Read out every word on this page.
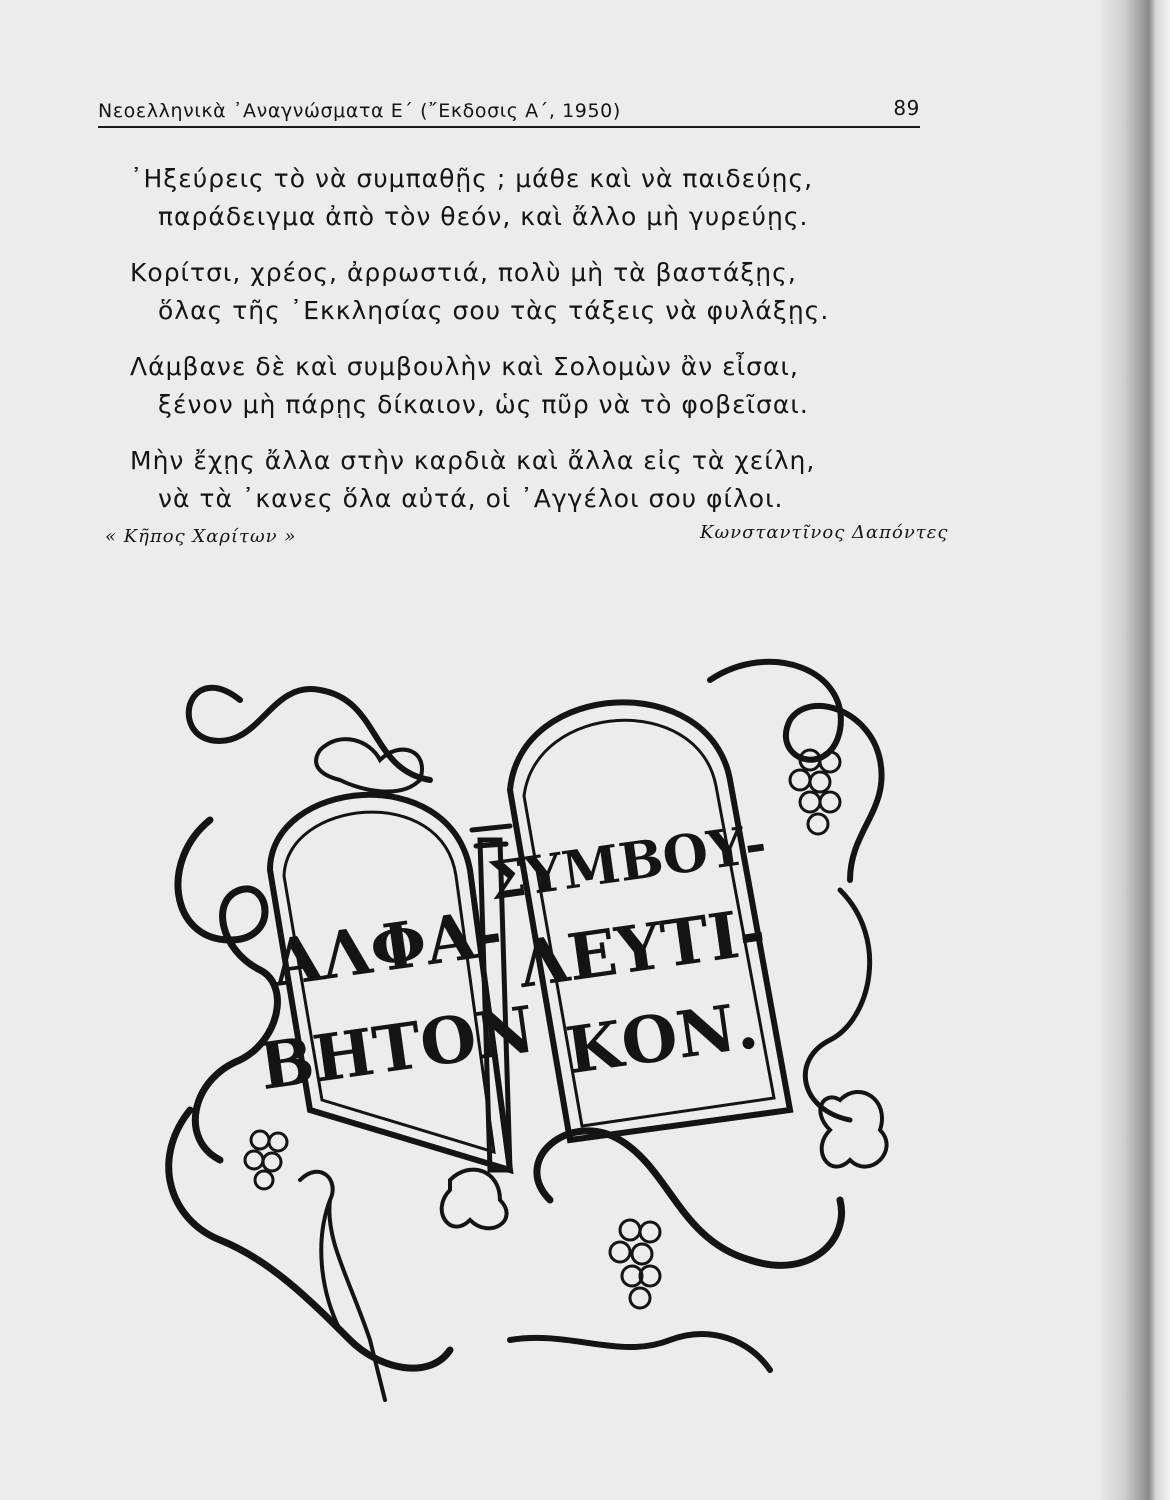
Νεοελληνικὰ ᾽Αναγνώσματα Ε΄ (῎Εκδοσις Α΄, 1950)	89
᾽Ηξεύρεις τὸ νὰ συμπαθῇς ; μάθε καὶ νὰ παιδεύῃς,
παράδειγμα ἀπὸ τὸν θεόν, καὶ ἄλλο μὴ γυρεύῃς.
Κορίτσι, χρέος, ἀρρωστιά, πολὺ μὴ τὰ βαστάξῃς,
ὅλας τῆς ᾽Εκκλησίας σου τὰς τάξεις νὰ φυλάξῃς.
Λάμβανε δὲ καὶ συμβουλὴν καὶ Σολομὼν ἂν εἶσαι,
ξένον μὴ πάρῃς δίκαιον, ὡς πῦρ νὰ τὸ φοβεῖσαι.
Μὴν ἔχῃς ἄλλα στὴν καρδιὰ καὶ ἄλλα εἰς τὰ χείλη,
νὰ τὰ ᾽κανες ὅλα αὐτά, οἱ ᾽Αγγέλοι σου φίλοι.
« Κῆπος Χαρίτων »	Κωνσταντῖνος Δαπόντες
ΑΛΦΑ-
ΒΗΤΟΝ
ΣΥΜΒΟΥ-
ΛΕΥΤΙ-
ΚΟΝ.
